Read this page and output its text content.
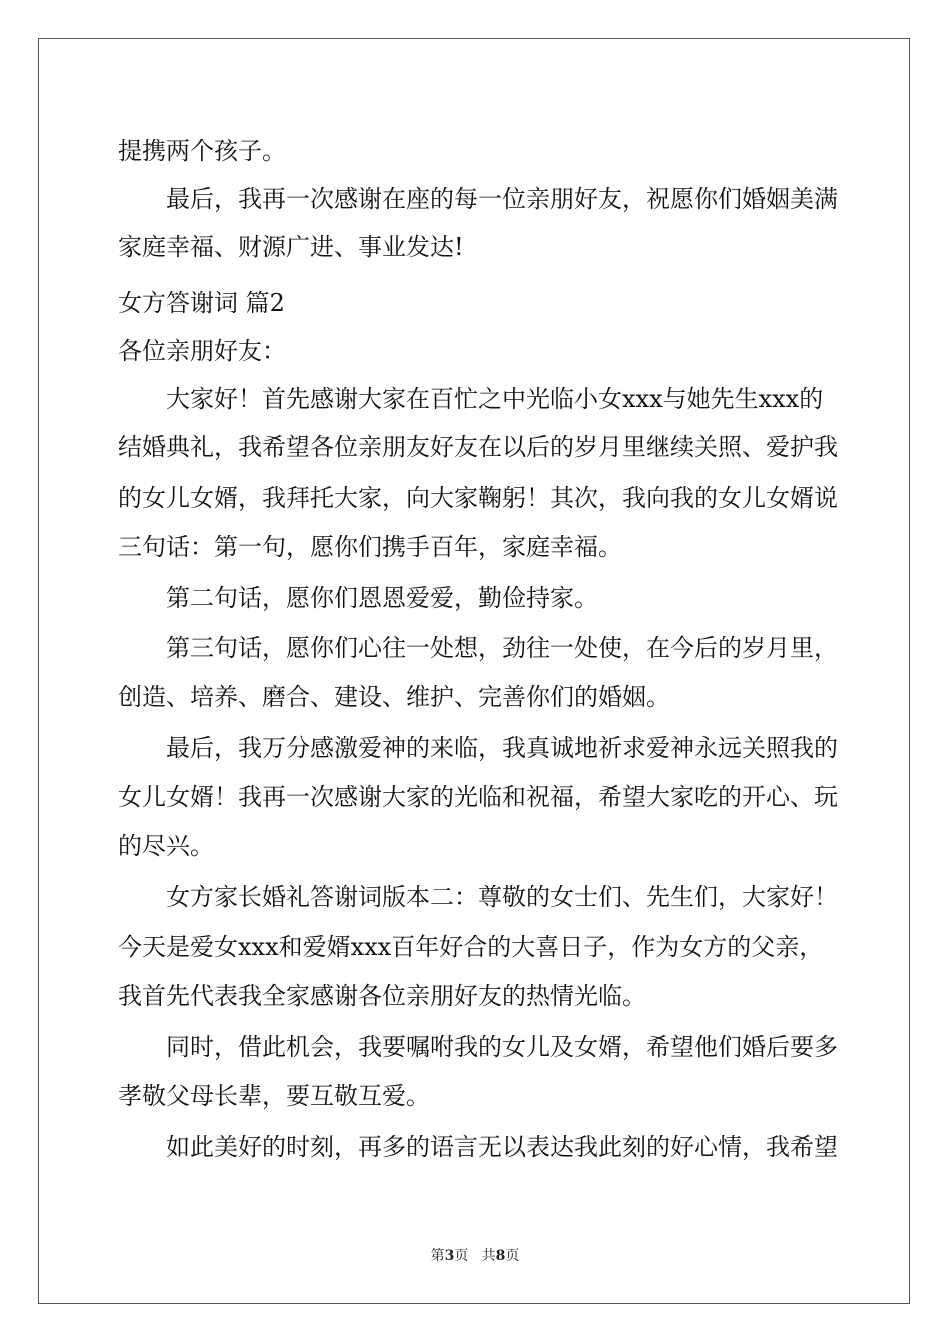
提携两个孩子。

最后，我再一次感谢在座的每一位亲朋好友，祝愿你们婚姻美满

家庭幸福、财源广进、事业发达!

女方答谢词 篇2

各位亲朋好友：

大家好！首先感谢大家在百忙之中光临小女xxx与她先生xxx的

结婚典礼，我希望各位亲朋友好友在以后的岁月里继续关照、爱护我

的女儿女婿，我拜托大家，向大家鞠躬！其次，我向我的女儿女婿说

三句话：第一句，愿你们携手百年，家庭幸福。

第二句话，愿你们恩恩爱爱，勤俭持家。

第三句话，愿你们心往一处想，劲往一处使，在今后的岁月里，

创造、培养、磨合、建设、维护、完善你们的婚姻。

最后，我万分感激爱神的来临，我真诚地祈求爱神永远关照我的

女儿女婿！我再一次感谢大家的光临和祝福，希望大家吃的开心、玩

的尽兴。

女方家长婚礼答谢词版本二：尊敬的女士们、先生们，大家好！

今天是爱女xxx和爱婿xxx百年好合的大喜日子，作为女方的父亲，

我首先代表我全家感谢各位亲朋好友的热情光临。

同时，借此机会，我要嘱咐我的女儿及女婿，希望他们婚后要多

孝敬父母长辈，要互敬互爱。

如此美好的时刻，再多的语言无以表达我此刻的好心情，我希望

第3页 共8页
